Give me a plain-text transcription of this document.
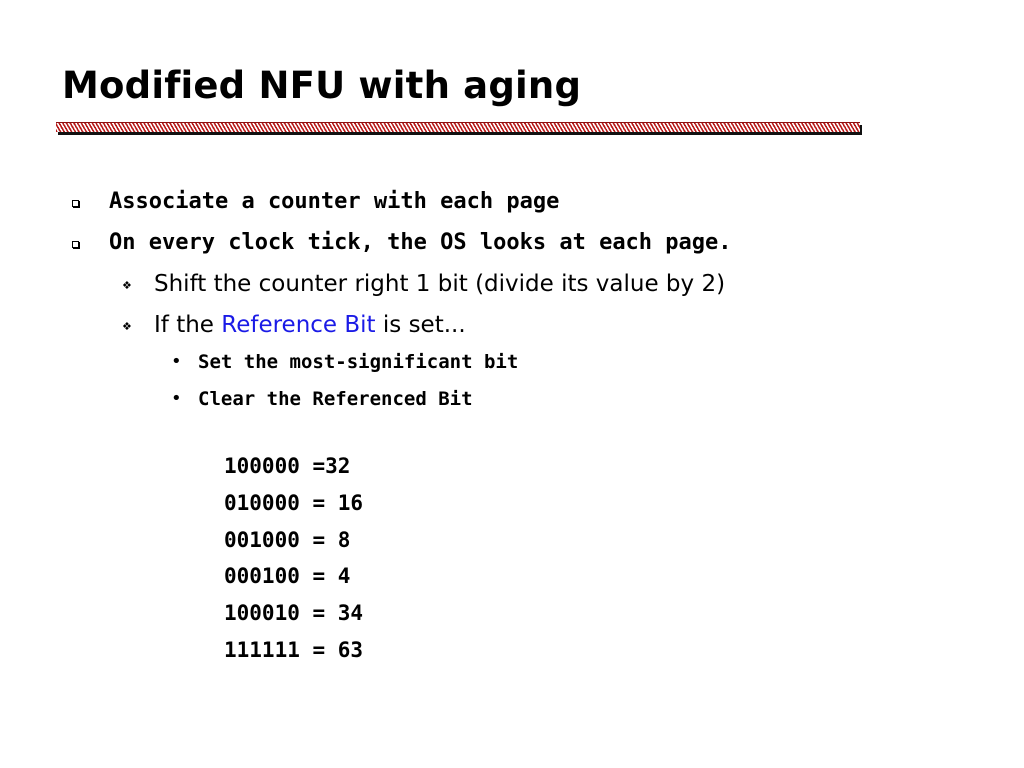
Modified NFU with aging
Associate a counter with each page
On every clock tick, the OS looks at each page.
❖ Shift the counter right 1 bit (divide its value by 2)
❖ If the Reference Bit is set...
• Set the most-significant bit
• Clear the Referenced Bit
100000 =32
010000 = 16
001000 = 8
000100 = 4
100010 = 34
111111 = 63
